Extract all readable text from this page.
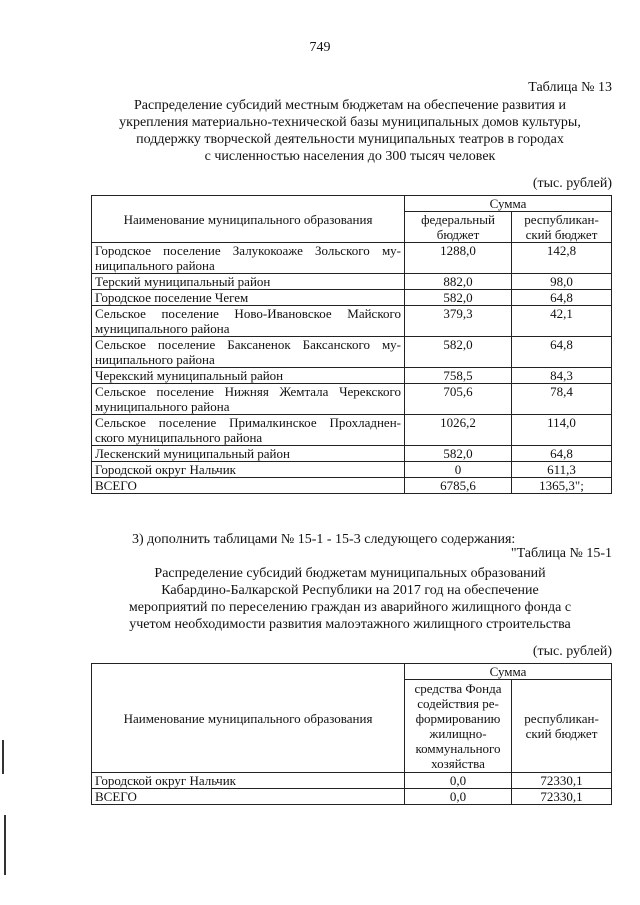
749
Таблица № 13
Распределение субсидий местным бюджетам на обеспечение развития и
укрепления материально-технической базы муниципальных домов культуры,
поддержку творческой деятельности муниципальных театров в городах
с численностью населения до 300 тысяч человек
(тыс. рублей)
Наименование муниципального образования	Сумма	
	федеральный бюджет	республикан-ский бюджет
Городское поселение Залукокоаже Зольского му-ниципального района	1288,0	142,8
Терский муниципальный район	882,0	98,0
Городское поселение Чегем	582,0	64,8
Сельское поселение Ново-Ивановское Майского муниципального района	379,3	42,1
Сельское поселение Баксаненок Баксанского му-ниципального района	582,0	64,8
Черекский муниципальный район	758,5	84,3
Сельское поселение Нижняя Жемтала Черекского муниципального района	705,6	78,4
Сельское поселение Прималкинское Прохладнен-ского муниципального района	1026,2	114,0
Лескенский муниципальный район	582,0	64,8
Городской округ Нальчик	0	611,3
ВСЕГО	6785,6	1365,3";
3) дополнить таблицами № 15-1 - 15-3 следующего содержания:
"Таблица № 15-1
Распределение субсидий бюджетам муниципальных образований
Кабардино-Балкарской Республики на 2017 год на обеспечение
мероприятий по переселению граждан из аварийного жилищного фонда с
учетом необходимости развития малоэтажного жилищного строительства
(тыс. рублей)
Наименование муниципального образования	Сумма	
	средства Фонда содействия ре-формированию жилищно-коммунального хозяйства	республикан-ский бюджет
Городской округ Нальчик	0,0	72330,1
ВСЕГО	0,0	72330,1
